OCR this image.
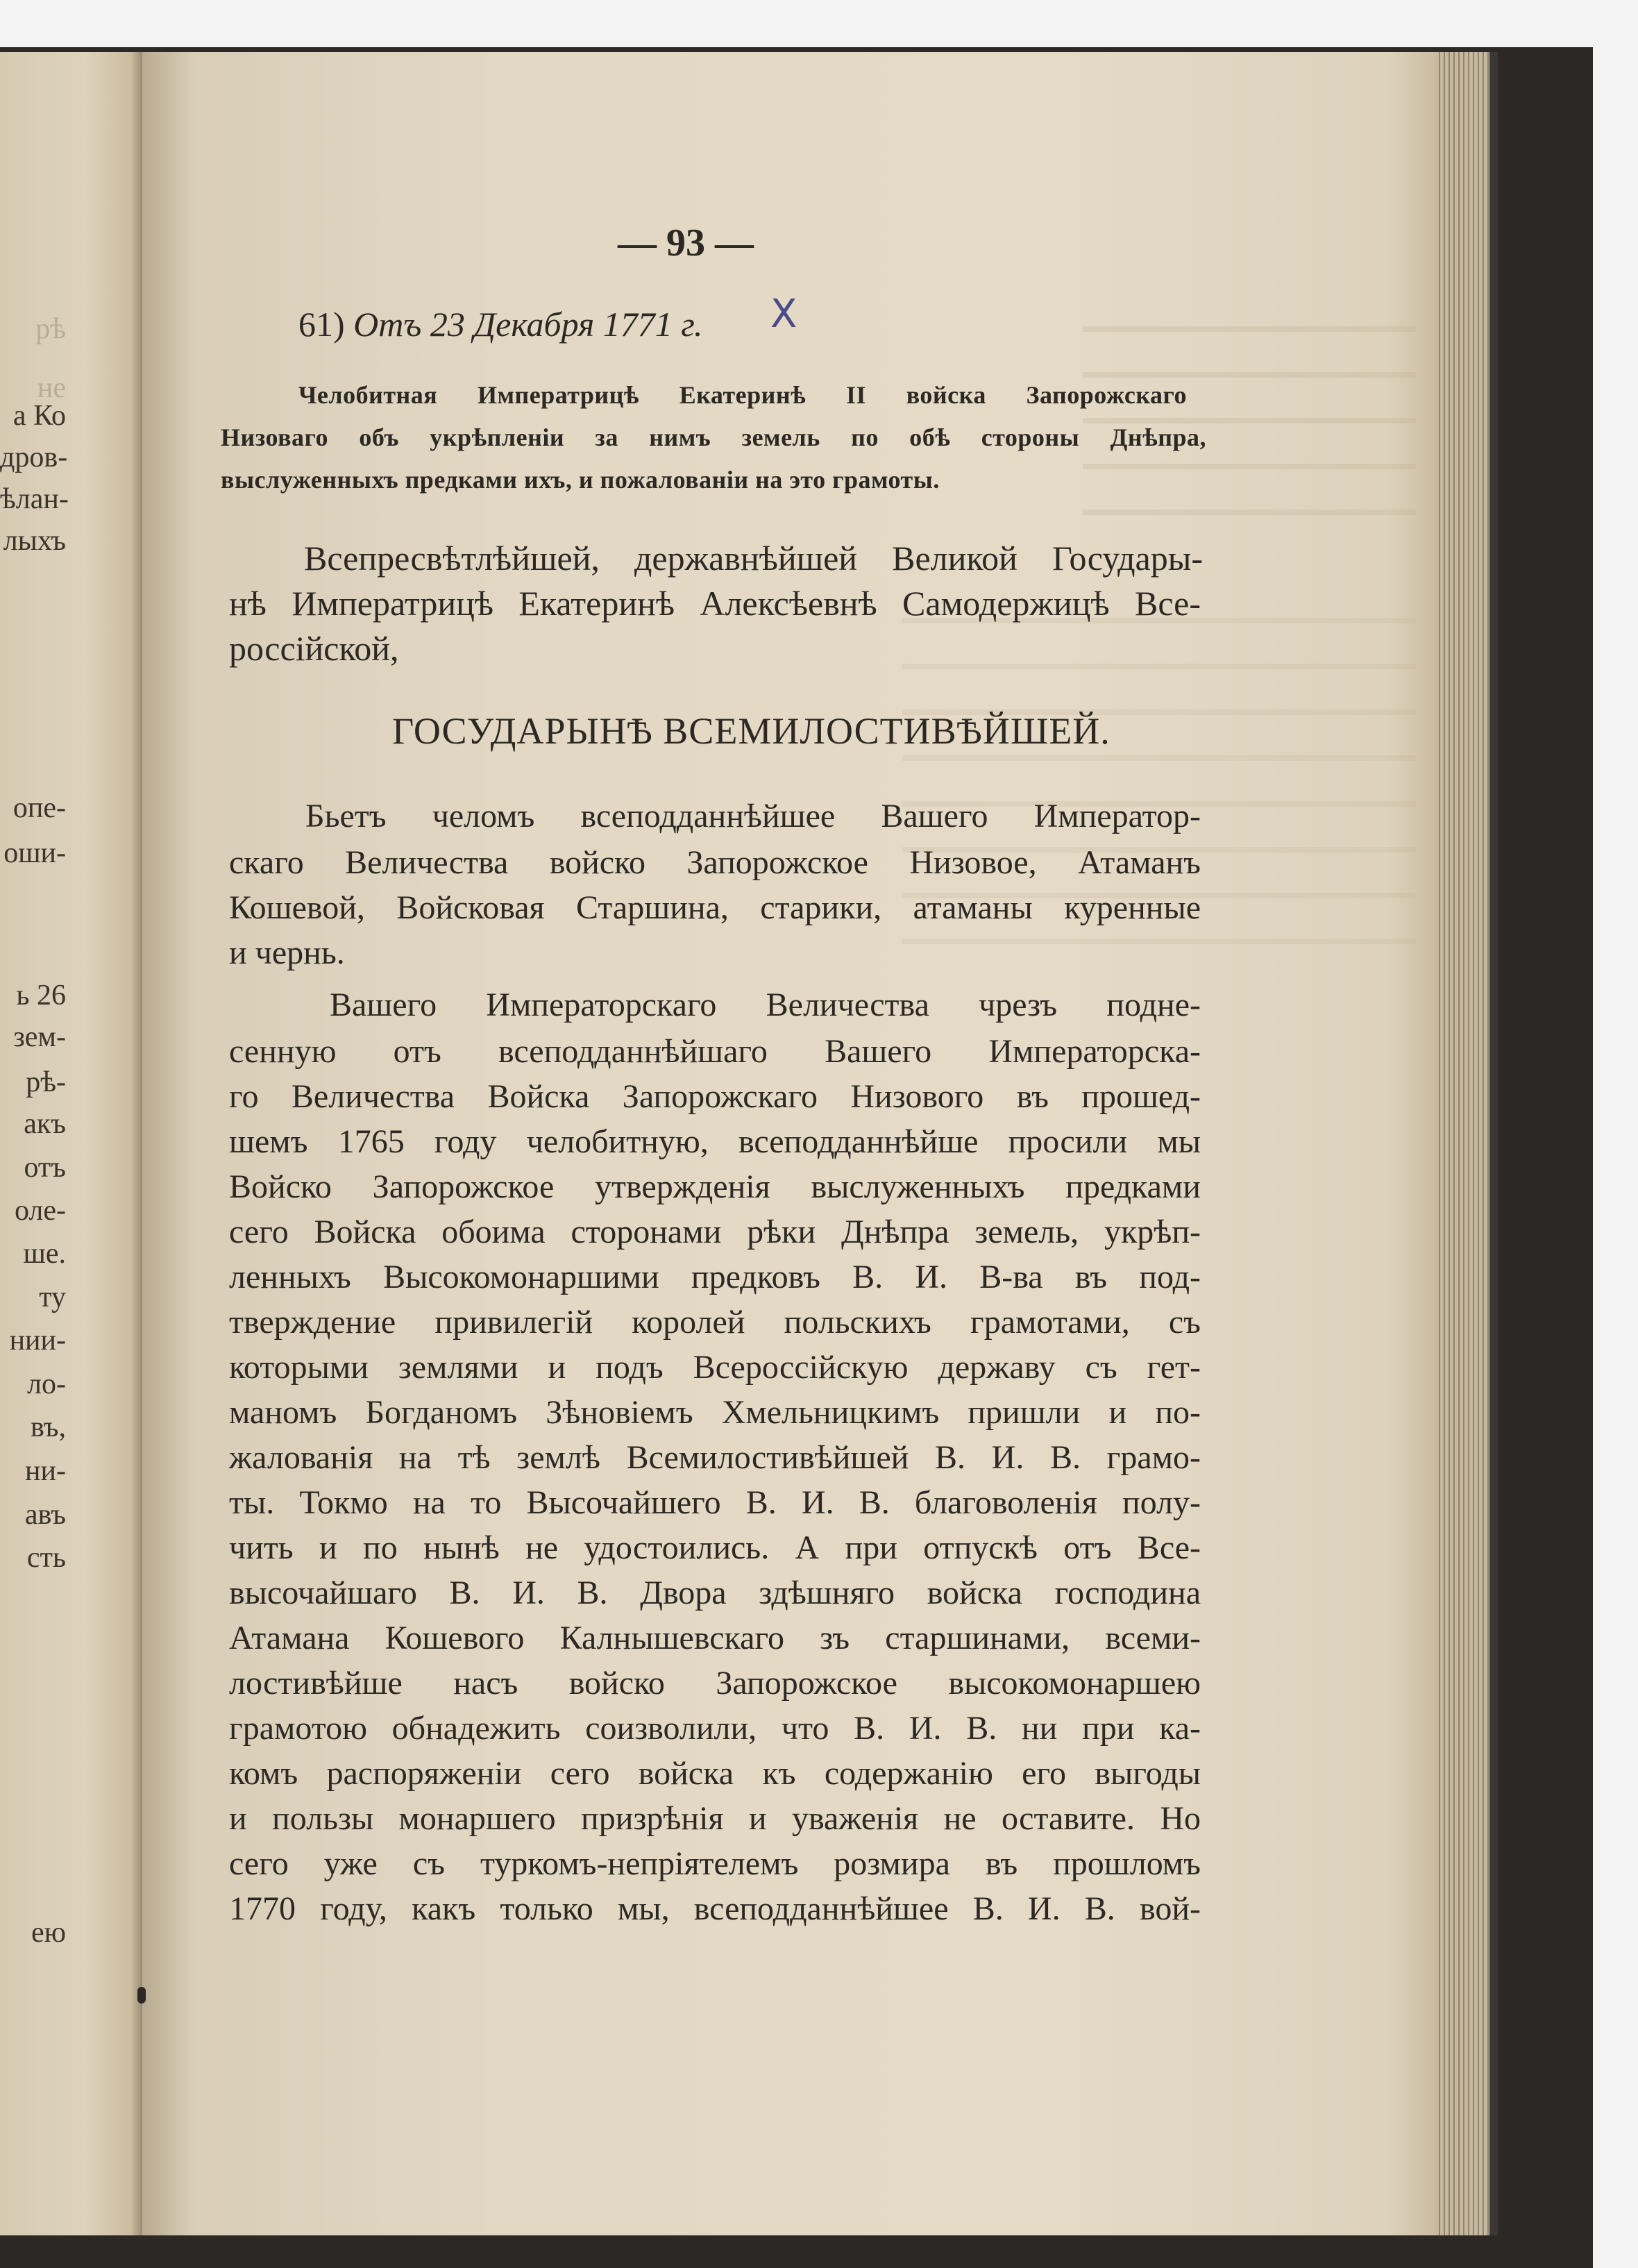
рѣ
нe
а Ко
дров-
ѣлан-
лыхъ
опе-
оши-
ь 26
зем-
рѣ-
акъ
отъ
оле-
ше.
ту
нии-
ло-
въ,
ни-
авъ
сть
ею
— 93 —
61) Отъ 23 Декабря 1771 г. X
Челобитная Императрицѣ Екатеринѣ II войска Запорожскаго
Низоваго объ укрѣпленіи за нимъ земель по обѣ стороны Днѣпра,
выслуженныхъ предками ихъ, и пожалованіи на это грамоты.
Всепресвѣтлѣйшей, державнѣйшей Великой Государы-
нѣ Императрицѣ Екатеринѣ Алексѣевнѣ Самодержицѣ Все-
россійской,
ГОСУДАРЫНѢ ВСЕМИЛОСТИВѢЙШЕЙ.
Бьетъ челомъ всеподданнѣйшее Вашего Император-
скаго Величества войско Запорожское Низовое, Атаманъ
Кошевой, Войсковая Старшина, старики, атаманы куренные
и чернь.
Вашего Императорскаго Величества чрезъ подне-
сенную отъ всеподданнѣйшаго Вашего Императорска-
го Величества Войска Запорожскаго Низового въ прошед-
шемъ 1765 году челобитную, всеподданнѣйше просили мы
Войско Запорожское утвержденія выслуженныхъ предками
сего Войска обоима сторонами рѣки Днѣпра земель, укрѣп-
ленныхъ Высокомонаршими предковъ В. И. В-ва въ под-
тверждение привилегій королей польскихъ грамотами, съ
которыми землями и подъ Всероссійскую державу съ гет-
маномъ Богданомъ Зѣновіемъ Хмельницкимъ пришли и по-
жалованія на тѣ землѣ Всемилостивѣйшей В. И. В. грамо-
ты. Токмо на то Высочайшего В. И. В. благоволенія полу-
чить и по нынѣ не удостоились. А при отпускѣ отъ Все-
высочайшаго В. И. В. Двора здѣшняго войска господина
Атамана Кошевого Калнышевскаго зъ старшинами, всеми-
лостивѣйше насъ войско Запорожское высокомонаршею
грамотою обнадежить соизволили, что В. И. В. ни при ка-
комъ распоряженіи сего войска къ содержанію его выгоды
и пользы монаршего призрѣнія и уваженія не оставите. Но
сего уже съ туркомъ-непріятелемъ розмира въ прошломъ
1770 году, какъ только мы, всеподданнѣйшее В. И. В. вой-
